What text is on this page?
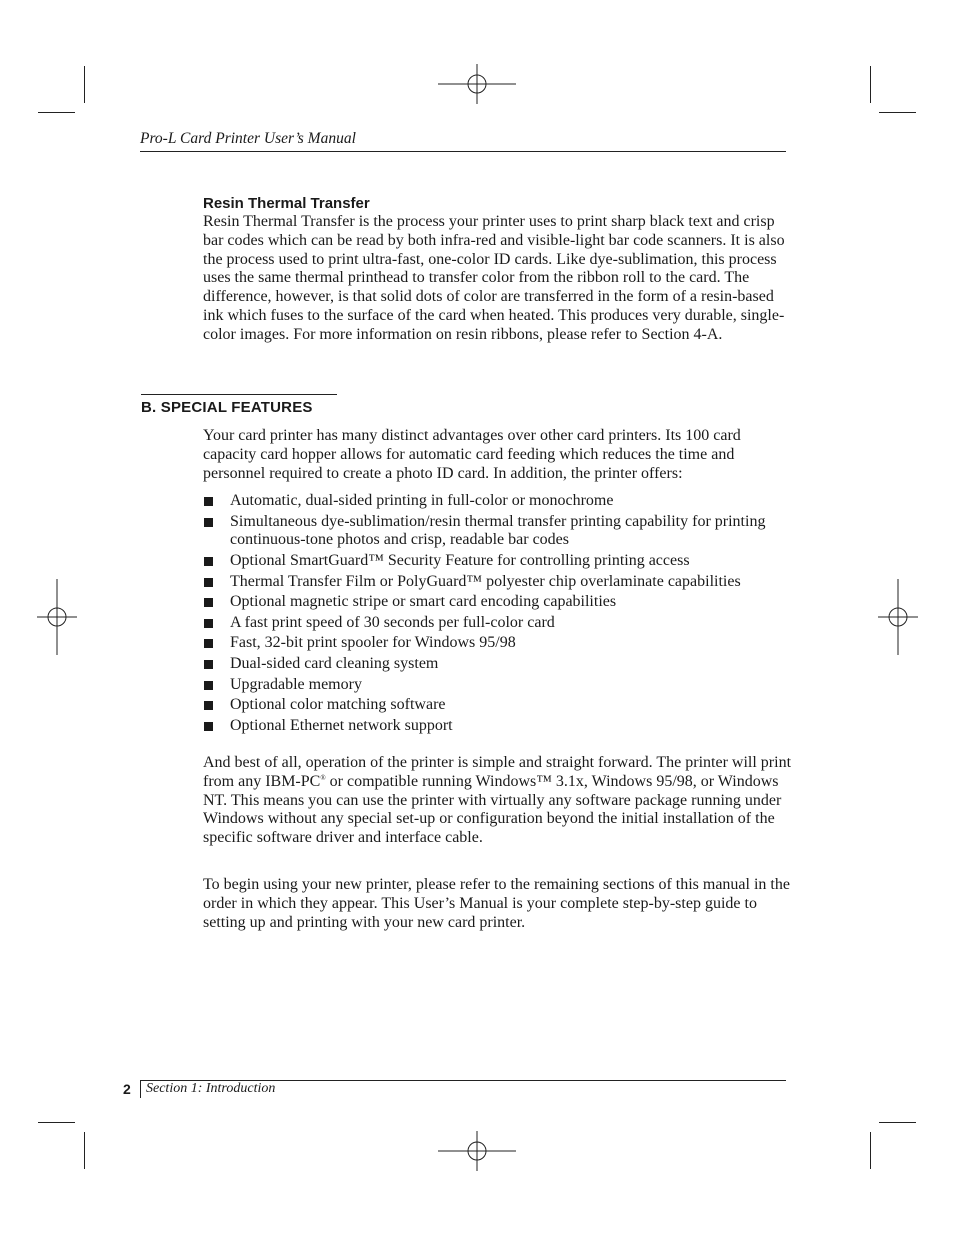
Pro-L Card Printer User’s Manual
Resin Thermal Transfer

Resin Thermal Transfer is the process your printer uses to print sharp black text and crisp bar codes which can be read by both infra-red and visible-light bar code scanners. It is also the process used to print ultra-fast, one-color ID cards. Like dye-sublimation, this process uses the same thermal printhead to transfer color from the ribbon roll to the card. The difference, however, is that solid dots of color are transferred in the form of a resin-based ink which fuses to the surface of the card when heated. This produces very durable, single-color images. For more information on resin ribbons, please refer to Section 4-A.

B. SPECIAL FEATURES

Your card printer has many distinct advantages over other card printers. Its 100 card capacity card hopper allows for automatic card feeding which reduces the time and personnel required to create a photo ID card. In addition, the printer offers:

Automatic, dual-sided printing in full-color or monochrome
Simultaneous dye-sublimation/resin thermal transfer printing capability for printing continuous-tone photos and crisp, readable bar codes
Optional SmartGuard™ Security Feature for controlling printing access
Thermal Transfer Film or PolyGuard™ polyester chip overlaminate capabilities
Optional magnetic stripe or smart card encoding capabilities
A fast print speed of 30 seconds per full-color card
Fast, 32-bit print spooler for Windows 95/98
Dual-sided card cleaning system
Upgradable memory
Optional color matching software
Optional Ethernet network support

And best of all, operation of the printer is simple and straight forward. The printer will print from any IBM-PC® or compatible running Windows™ 3.1x, Windows 95/98, or Windows NT. This means you can use the printer with virtually any software package running under Windows without any special set-up or configuration beyond the initial installation of the specific software driver and interface cable.

To begin using your new printer, please refer to the remaining sections of this manual in the order in which they appear. This User’s Manual is your complete step-by-step guide to setting up and printing with your new card printer.

2 Section 1: Introduction
